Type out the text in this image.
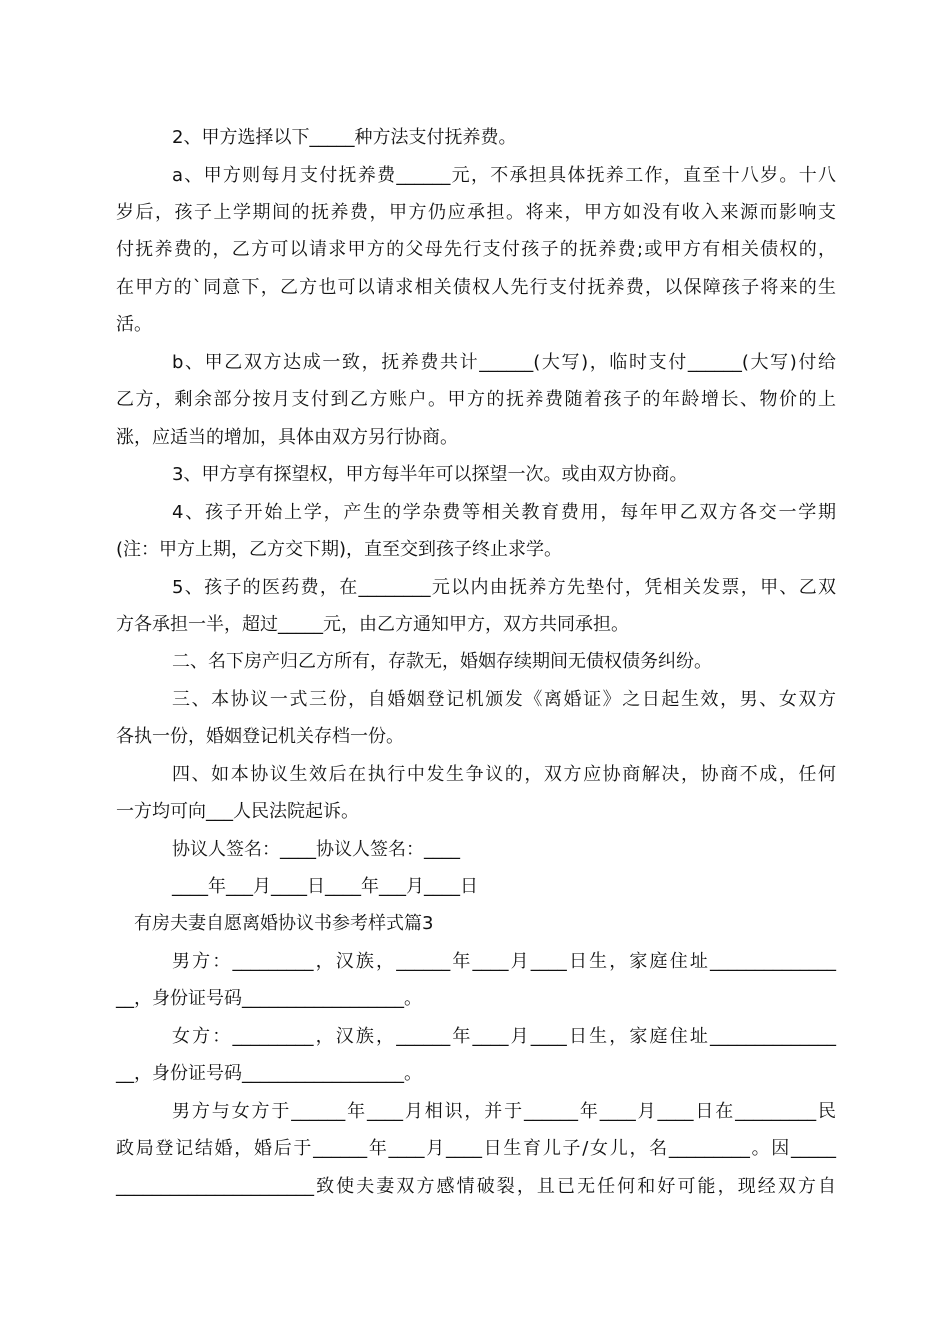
2、甲方选择以下_____种方法支付抚养费。
a、甲方则每月支付抚养费______元，不承担具体抚养工作，直至十八岁。十八
岁后，孩子上学期间的抚养费，甲方仍应承担。将来，甲方如没有收入来源而影响支
付抚养费的，乙方可以请求甲方的父母先行支付孩子的抚养费;或甲方有相关债权的，
在甲方的`同意下，乙方也可以请求相关债权人先行支付抚养费，以保障孩子将来的生
活。
b、甲乙双方达成一致，抚养费共计______(大写)，临时支付______(大写)付给
乙方，剩余部分按月支付到乙方账户。甲方的抚养费随着孩子的年龄增长、物价的上
涨，应适当的增加，具体由双方另行协商。
3、甲方享有探望权，甲方每半年可以探望一次。或由双方协商。
4、孩子开始上学，产生的学杂费等相关教育费用，每年甲乙双方各交一学期
(注：甲方上期，乙方交下期)，直至交到孩子终止求学。
5、孩子的医药费，在________元以内由抚养方先垫付，凭相关发票，甲、乙双
方各承担一半，超过_____元，由乙方通知甲方，双方共同承担。
二、名下房产归乙方所有，存款无，婚姻存续期间无债权债务纠纷。
三、本协议一式三份，自婚姻登记机颁发《离婚证》之日起生效，男、女双方
各执一份，婚姻登记机关存档一份。
四、如本协议生效后在执行中发生争议的，双方应协商解决，协商不成，任何
一方均可向___人民法院起诉。
协议人签名：____协议人签名：____
____年___月____日____年___月____日
有房夫妻自愿离婚协议书参考样式篇3
男方：_________，汉族，______年____月____日生，家庭住址______________
__，身份证号码__________________。
女方：_________，汉族，______年____月____日生，家庭住址______________
__，身份证号码__________________。
男方与女方于______年____月相识，并于______年____月____日在_________民
政局登记结婚，婚后于______年____月____日生育儿子/女儿，名_________。因_____
______________________致使夫妻双方感情破裂，且已无任何和好可能，现经双方自
